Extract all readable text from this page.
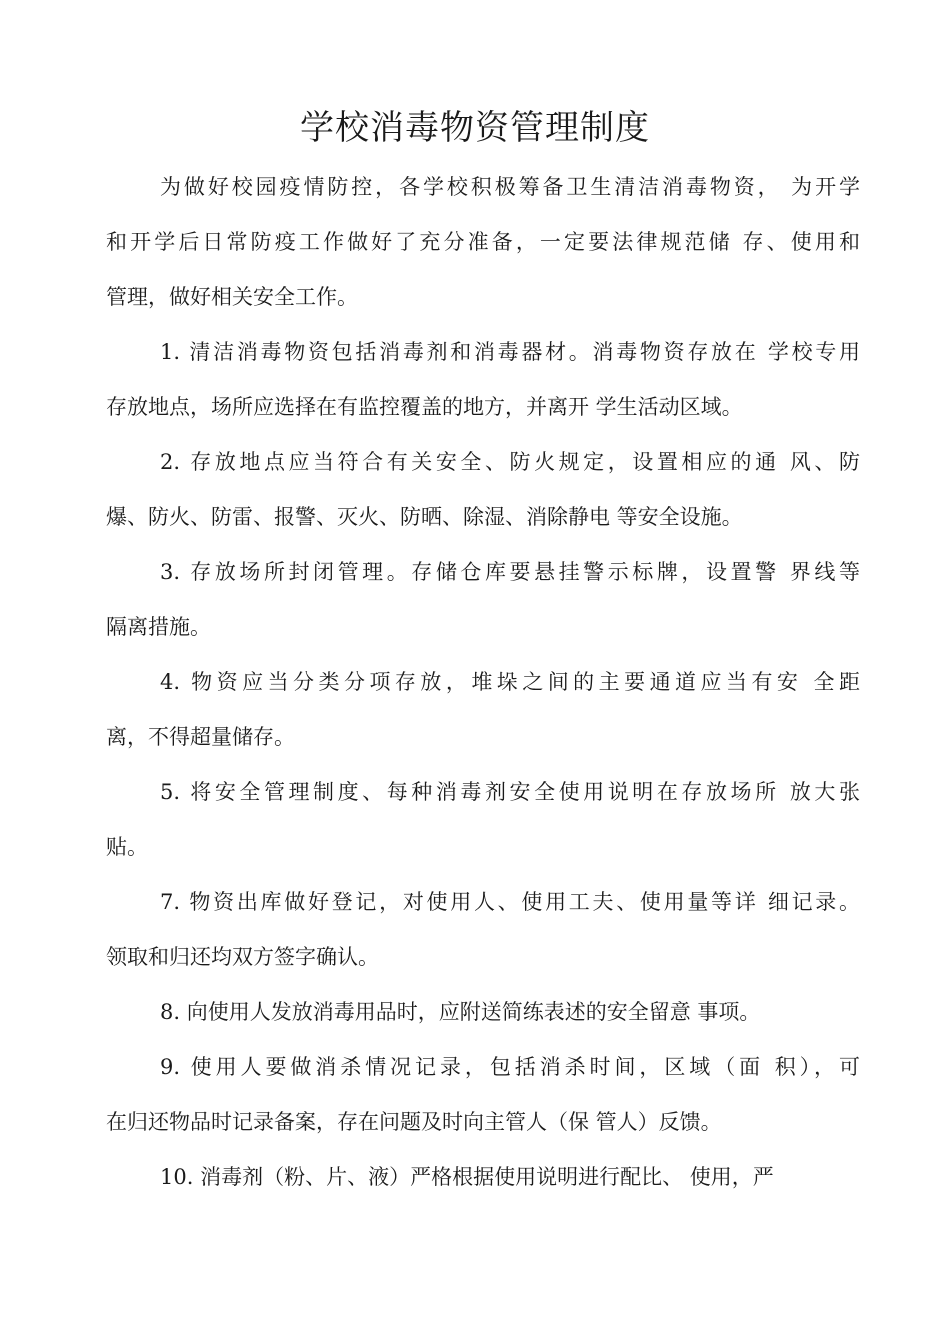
学校消毒物资管理制度
为做好校园疫情防控，各学校积极筹备卫生清洁消毒物资， 为开学
和开学后日常防疫工作做好了充分准备，一定要法律规范储 存、使用和
管理，做好相关安全工作。
1. 清洁消毒物资包括消毒剂和消毒器材。消毒物资存放在 学校专用
存放地点，场所应选择在有监控覆盖的地方，并离开 学生活动区域。
2. 存放地点应当符合有关安全、防火规定，设置相应的通 风、防
爆、防火、防雷、报警、灭火、防晒、除湿、消除静电 等安全设施。
3. 存放场所封闭管理。存储仓库要悬挂警示标牌，设置警 界线等
隔离措施。
4. 物资应当分类分项存放，堆垛之间的主要通道应当有安 全距
离，不得超量储存。
5. 将安全管理制度、每种消毒剂安全使用说明在存放场所 放大张
贴。
7. 物资出库做好登记，对使用人、使用工夫、使用量等详 细记录。
领取和归还均双方签字确认。
8. 向使用人发放消毒用品时，应附送简练表述的安全留意 事项。
9. 使用人要做消杀情况记录，包括消杀时间，区域（面 积），可
在归还物品时记录备案，存在问题及时向主管人（保 管人）反馈。
10. 消毒剂（粉、片、液）严格根据使用说明进行配比、 使用，严
